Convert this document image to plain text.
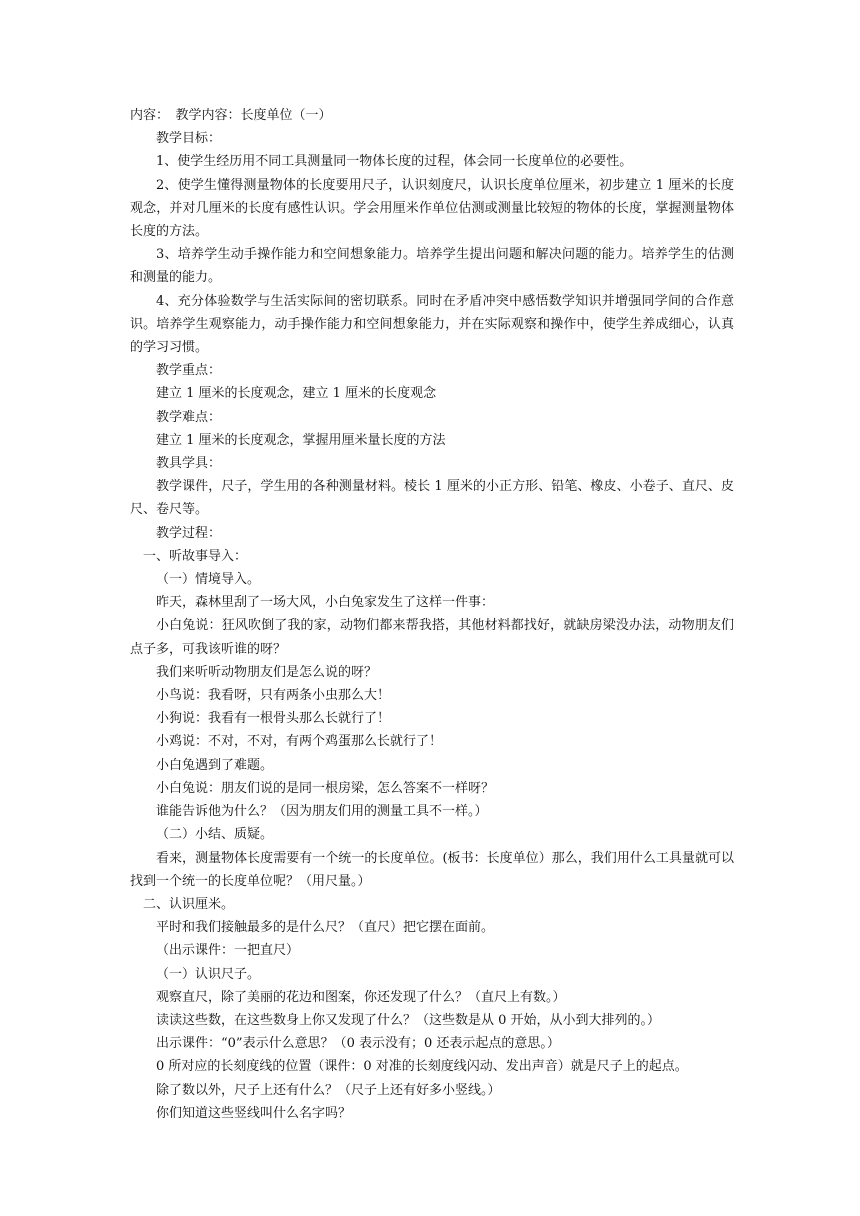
内容：　教学内容：长度单位（一）
教学目标：
1、使学生经历用不同工具测量同一物体长度的过程，体会同一长度单位的必要性。
2、使学生懂得测量物体的长度要用尺子，认识刻度尺，认识长度单位厘米，初步建立 1 厘米的长度观念，并对几厘米的长度有感性认识。学会用厘米作单位估测或测量比较短的物体的长度，掌握测量物体长度的方法。
3、培养学生动手操作能力和空间想象能力。培养学生提出问题和解决问题的能力。培养学生的估测和测量的能力。
4、充分体验数学与生活实际间的密切联系。同时在矛盾冲突中感悟数学知识并增强同学间的合作意识。培养学生观察能力，动手操作能力和空间想象能力，并在实际观察和操作中，使学生养成细心，认真的学习习惯。
教学重点：
建立 1 厘米的长度观念，建立 1 厘米的长度观念
教学难点：
建立 1 厘米的长度观念，掌握用厘米量长度的方法
教具学具：
教学课件，尺子，学生用的各种测量材料。棱长 1 厘米的小正方形、铅笔、橡皮、小卷子、直尺、皮尺、卷尺等。
教学过程：
一、听故事导入：
（一）情境导入。
昨天，森林里刮了一场大风，小白兔家发生了这样一件事：
小白兔说：狂风吹倒了我的家，动物们都来帮我搭，其他材料都找好，就缺房梁没办法，动物朋友们点子多，可我该听谁的呀？
我们来听听动物朋友们是怎么说的呀？
小鸟说：我看呀，只有两条小虫那么大！
小狗说：我看有一根骨头那么长就行了！
小鸡说：不对，不对，有两个鸡蛋那么长就行了！
小白兔遇到了难题。
小白兔说：朋友们说的是同一根房梁，怎么答案不一样呀？
谁能告诉他为什么？（因为朋友们用的测量工具不一样。）
（二）小结、质疑。
看来，测量物体长度需要有一个统一的长度单位。(板书：长度单位）那么，我们用什么工具量就可以找到一个统一的长度单位呢？（用尺量。）
二、认识厘米。
平时和我们接触最多的是什么尺？（直尺）把它摆在面前。
（出示课件：一把直尺）
（一）认识尺子。
观察直尺，除了美丽的花边和图案，你还发现了什么？（直尺上有数。）
读读这些数，在这些数身上你又发现了什么？（这些数是从 0 开始，从小到大排列的。）
出示课件：“0”表示什么意思？（0 表示没有；0 还表示起点的意思。）
0 所对应的长刻度线的位置（课件：0 对准的长刻度线闪动、发出声音）就是尺子上的起点。
除了数以外，尺子上还有什么？（尺子上还有好多小竖线。）
你们知道这些竖线叫什么名字吗？
